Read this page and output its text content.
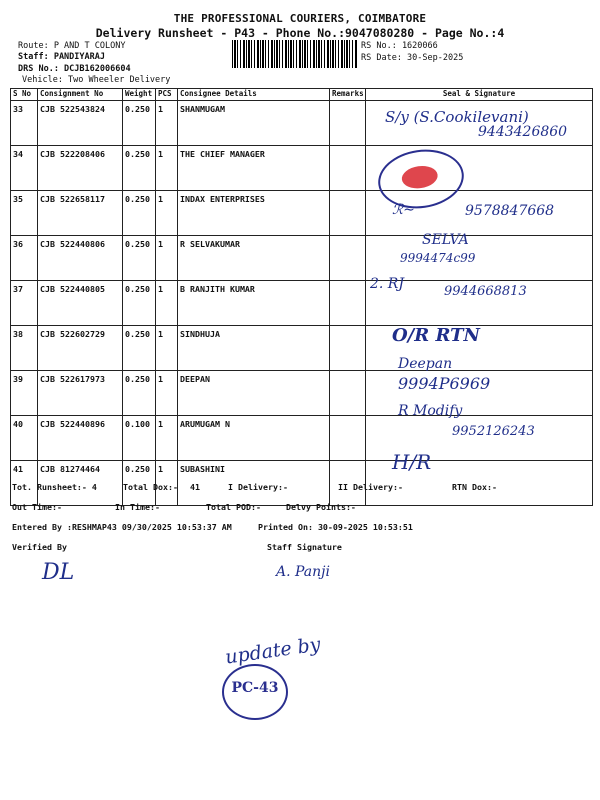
THE PROFESSIONAL COURIERS, COIMBATORE
Delivery Runsheet - P43 - Phone No.:9047080280 - Page No.:4
Route: P AND T COLONY
Staff: PANDIYARAJ
DRS No.: DCJB162006604
Vehicle: Two Wheeler Delivery
RS No.: 1620066
RS Date: 30-Sep-2025
S No	Consignment No	Weight	PCS	Consignee Details	Remarks	Seal & Signature
33	CJB 522543824	0.250	1	SHANMUGAM		
34	CJB 522208406	0.250	1	THE CHIEF MANAGER		
35	CJB 522658117	0.250	1	INDAX ENTERPRISES		
36	CJB 522440806	0.250	1	R SELVAKUMAR		
37	CJB 522440805	0.250	1	B RANJITH KUMAR		
38	CJB 522602729	0.250	1	SINDHUJA		
39	CJB 522617973	0.250	1	DEEPAN		
40	CJB 522440896	0.100	1	ARUMUGAM N		
41	CJB 81274464	0.250	1	SUBASHINI		
S/y (S.Cookilevani)
9443426860
ℛ∼	9578847668
SELVA
9994474c99
2. RJ	9944668813
O/R RTN
Deepan
9994P6969
R Modify
9952126243
H/R
Tot. Runsheet:- 4	Total Dox:- 41	I Delivery:-	II Delivery:-	RTN Dox:-
Out Time:-	In Time:-	Total POD:-	Delvy Points:-
Entered By :RESHMAP43 09/30/2025 10:53:37 AM	Printed On: 30-09-2025 10:53:51
Verified By	Staff Signature
DL	A. Panji
update by
PC-43
